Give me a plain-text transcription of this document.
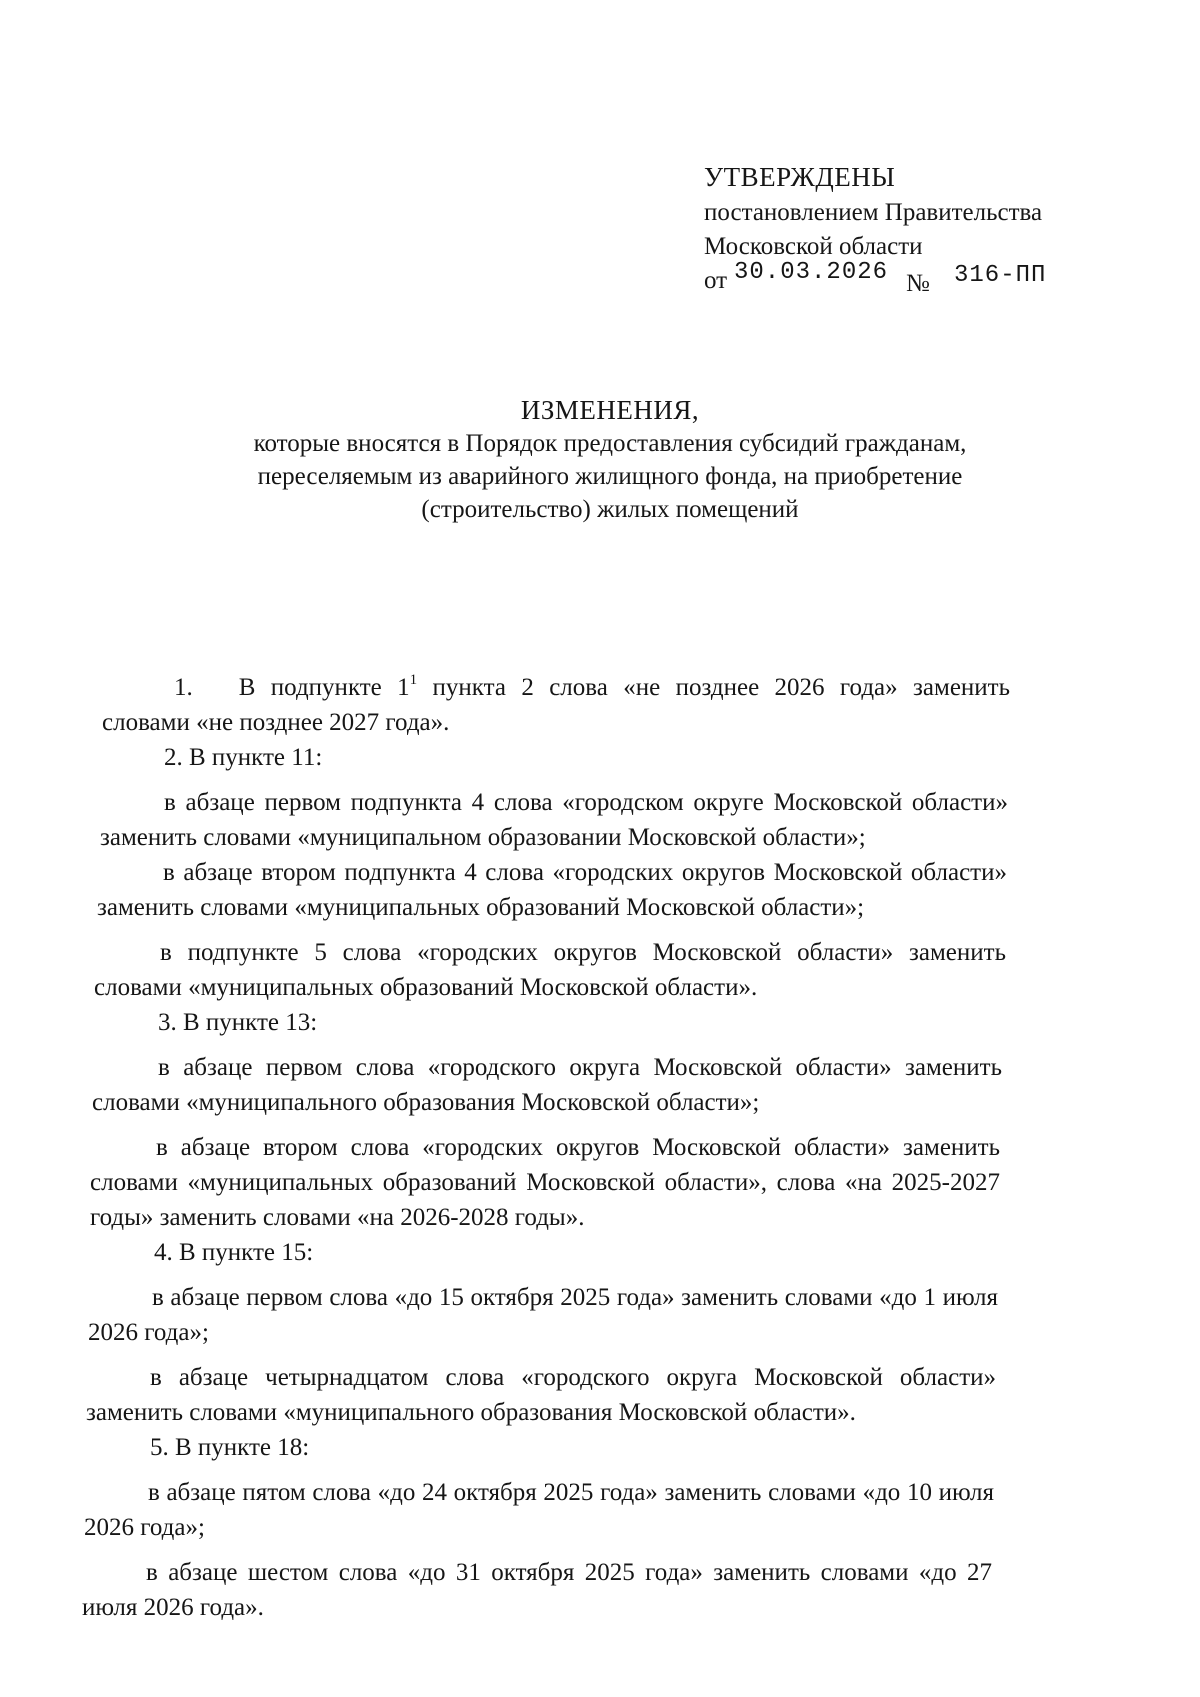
УТВЕРЖДЕНЫ
постановлением Правительства
Московской области
от 30.03.2026 № 316-ПП
ИЗМЕНЕНИЯ,
которые вносятся в Порядок предоставления субсидий гражданам,
переселяемым из аварийного жилищного фонда, на приобретение
(строительство) жилых помещений
1. В подпункте $1^1$ пункта 2 слова «не позднее 2026 года» заменить словами «не позднее 2027 года».
2. В пункте 11:
в абзаце первом подпункта 4 слова «городском округе Московской области» заменить словами «муниципальном образовании Московской области»;
в абзаце втором подпункта 4 слова «городских округов Московской области» заменить словами «муниципальных образований Московской области»;
в подпункте 5 слова «городских округов Московской области» заменить словами «муниципальных образований Московской области».
3. В пункте 13:
в абзаце первом слова «городского округа Московской области» заменить словами «муниципального образования Московской области»;
в абзаце втором слова «городских округов Московской области» заменить словами «муниципальных образований Московской области», слова «на 2025-2027 годы» заменить словами «на 2026-2028 годы».
4. В пункте 15:
в абзаце первом слова «до 15 октября 2025 года» заменить словами «до 1 июля 2026 года»;
в абзаце четырнадцатом слова «городского округа Московской области» заменить словами «муниципального образования Московской области».
5. В пункте 18:
в абзаце пятом слова «до 24 октября 2025 года» заменить словами «до 10 июля 2026 года»;
в абзаце шестом слова «до 31 октября 2025 года» заменить словами «до 27 июля 2026 года».
